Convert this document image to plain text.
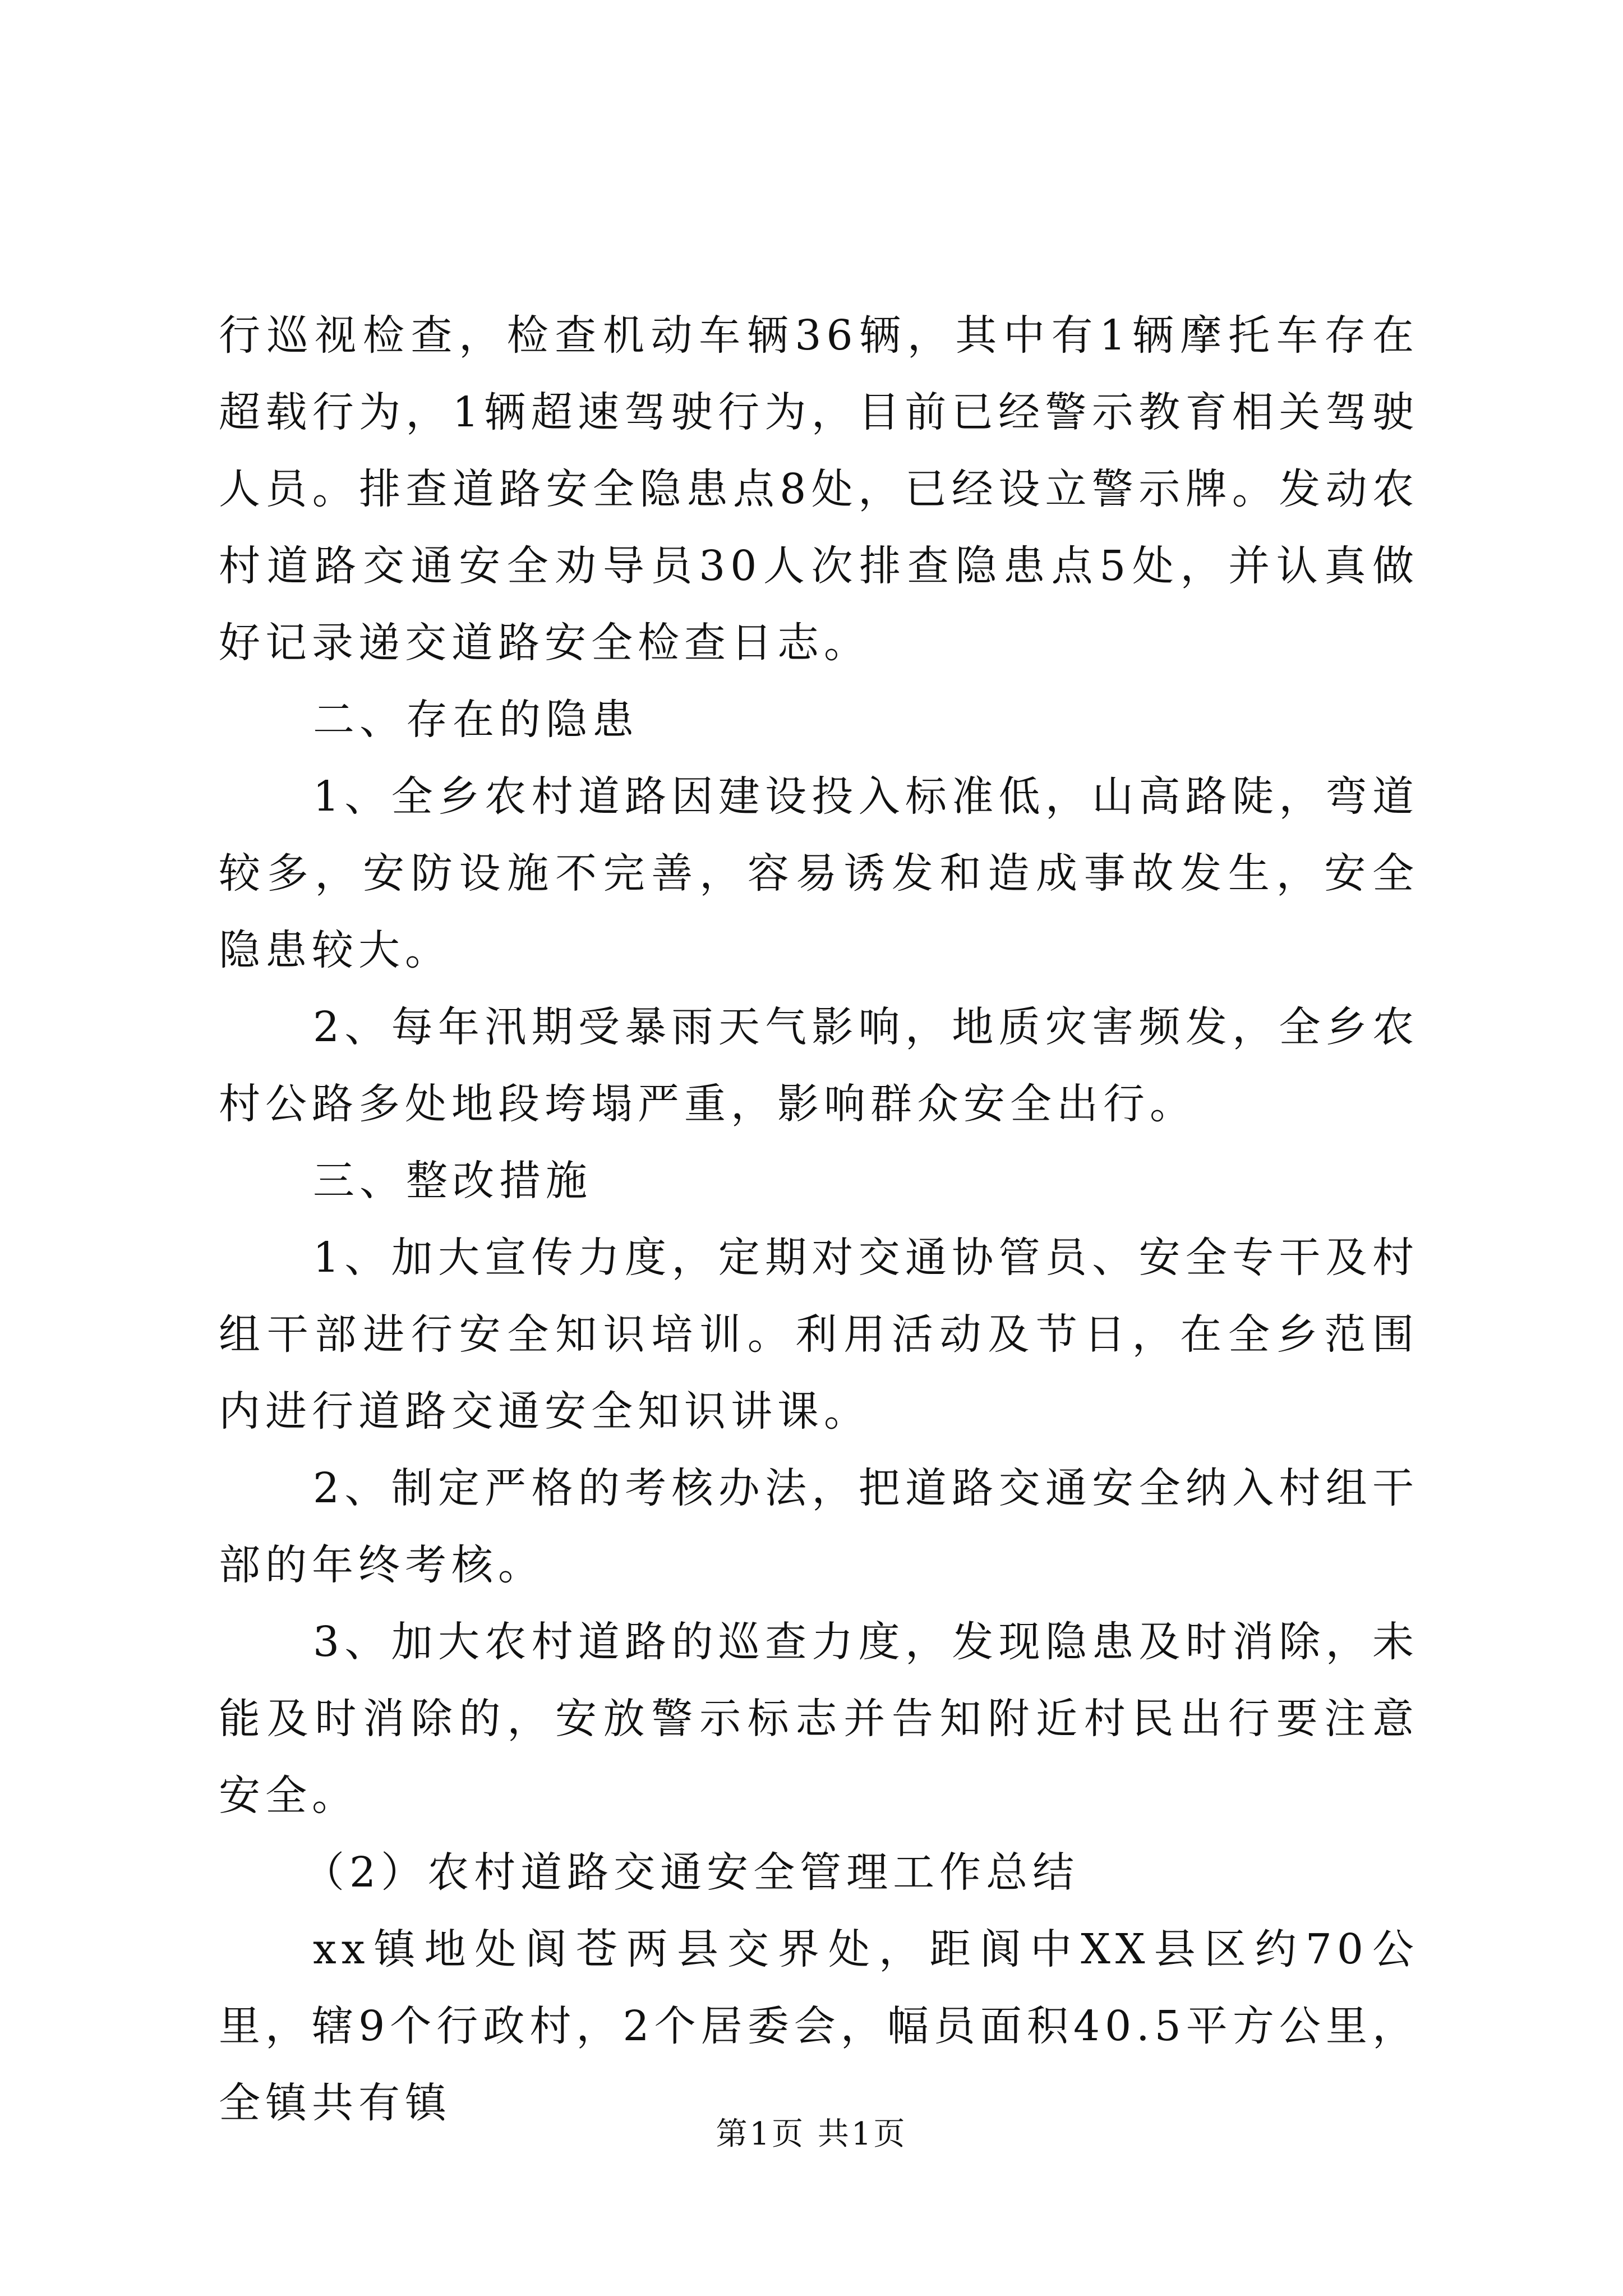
行巡视检查，检查机动车辆36辆，其中有1辆摩托车存在超载行为，1辆超速驾驶行为，目前已经警示教育相关驾驶人员。排查道路安全隐患点8处，已经设立警示牌。发动农村道路交通安全劝导员30人次排查隐患点5处，并认真做好记录递交道路安全检查日志。

二、存在的隐患

1、全乡农村道路因建设投入标准低，山高路陡，弯道较多，安防设施不完善，容易诱发和造成事故发生，安全隐患较大。

2、每年汛期受暴雨天气影响，地质灾害频发，全乡农村公路多处地段垮塌严重，影响群众安全出行。

三、整改措施

1、加大宣传力度，定期对交通协管员、安全专干及村组干部进行安全知识培训。利用活动及节日，在全乡范围内进行道路交通安全知识讲课。

2、制定严格的考核办法，把道路交通安全纳入村组干部的年终考核。

3、加大农村道路的巡查力度，发现隐患及时消除，未能及时消除的，安放警示标志并告知附近村民出行要注意安全。

（2）农村道路交通安全管理工作总结

xx镇地处阆苍两县交界处，距阆中XX县区约70公里，辖9个行政村，2个居委会，幅员面积40.5平方公里，全镇共有镇

第1页 共1页
